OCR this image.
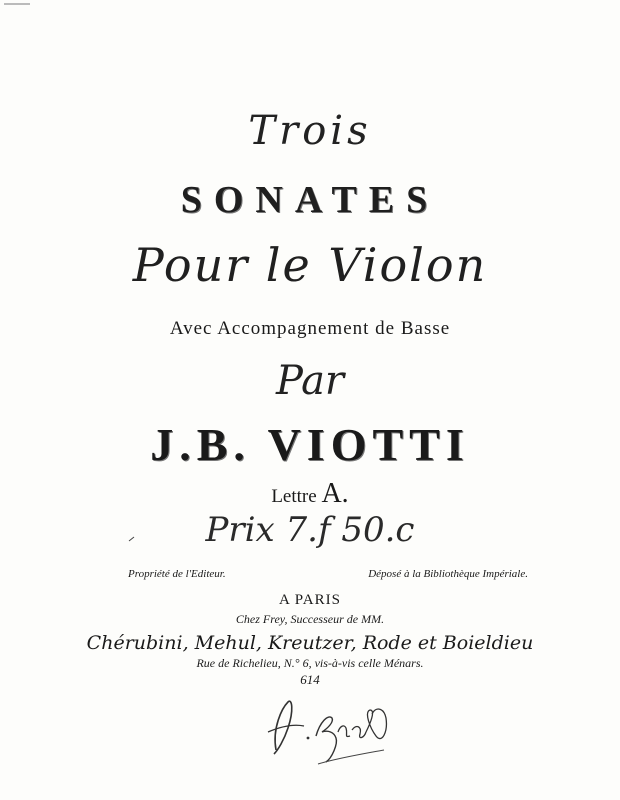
Trois
SONATES
Pour le Violon
Avec Accompagnement de Basse
Par
J.B. VIOTTI
Lettre A.
Prix 7.f 50.c
Propriété de l'Editeur.	Déposé à la Bibliothèque Impériale.
A PARIS
Chez Frey, Successeur de MM.
Chérubini, Mehul, Kreutzer, Rode et Boieldieu
Rue de Richelieu, N.° 6, vis-à-vis celle Ménars.
614
